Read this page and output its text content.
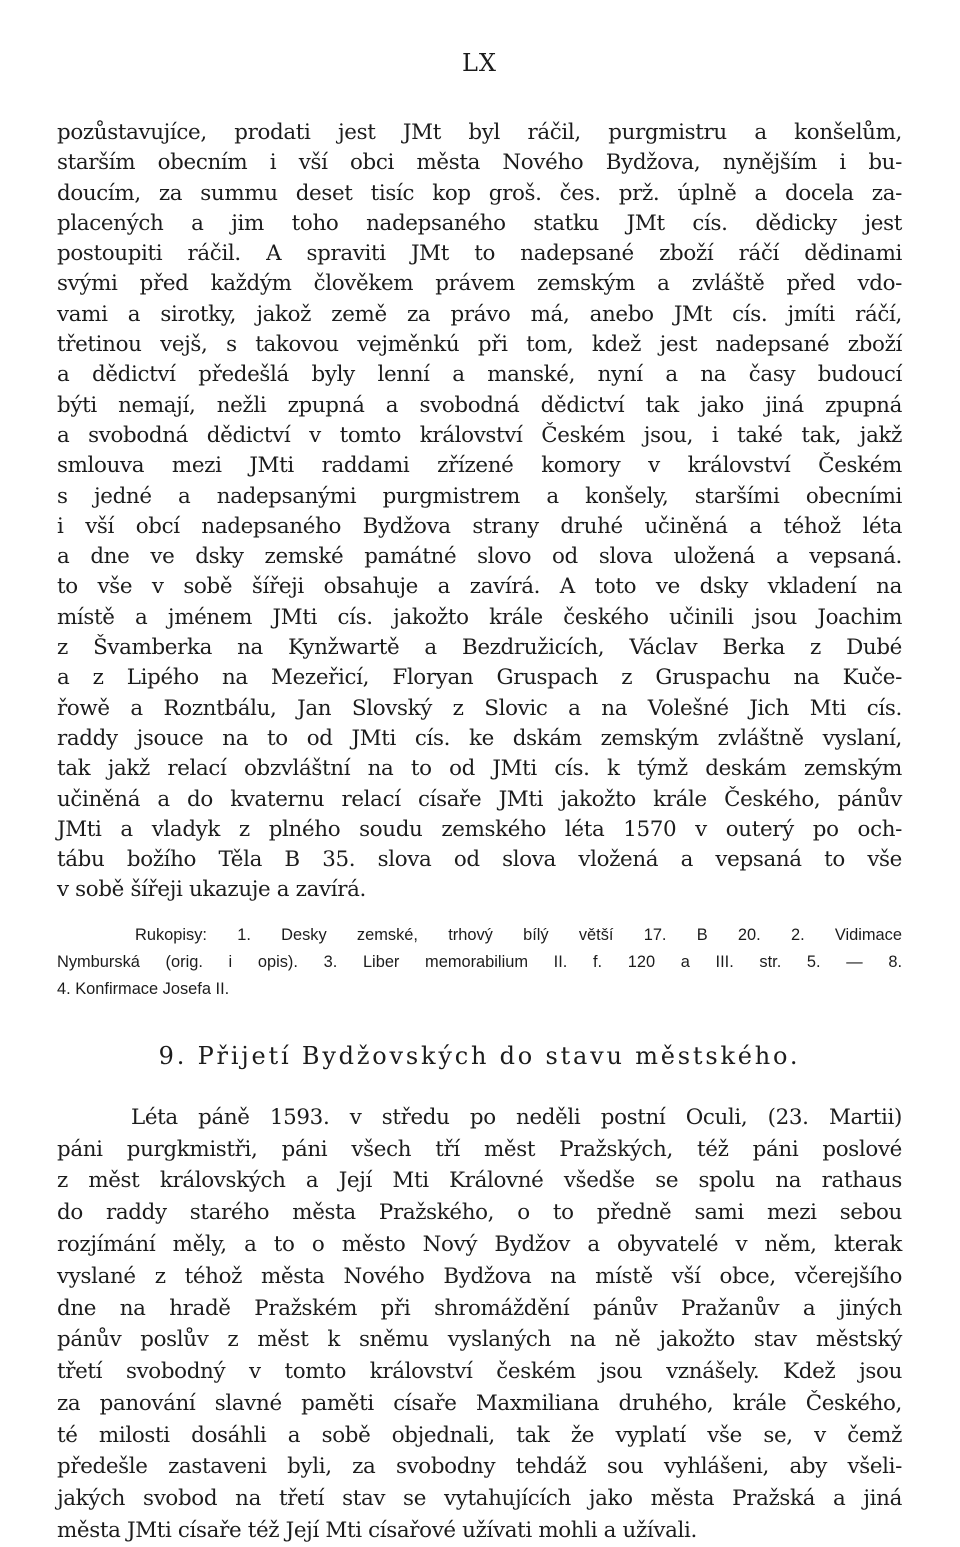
LX
pozůstavujíce, prodati jest JMt byl ráčil, purgmistru a konšelům,
starším obecním i vší obci města Nového Bydžova, nynějším i bu-
doucím, za summu deset tisíc kop groš. čes. prž. úplně a docela za-
placených a jim toho nadepsaného statku JMt cís. dědicky jest
postoupiti ráčil. A spraviti JMt to nadepsané zboží ráčí dědinami
svými před každým člověkem právem zemským a zvláště před vdo-
vami a sirotky, jakož země za právo má, anebo JMt cís. jmíti ráčí,
třetinou vejš, s takovou vejměnkú při tom, kdež jest nadepsané zboží
a dědictví předešlá byly lenní a manské, nyní a na časy budoucí
býti nemají, nežli zpupná a svobodná dědictví tak jako jiná zpupná
a svobodná dědictví v tomto království Českém jsou, i také tak, jakž
smlouva mezi JMti raddami zřízené komory v království Českém
s jedné a nadepsanými purgmistrem a konšely, staršími obecními
i vší obcí nadepsaného Bydžova strany druhé učiněná a téhož léta
a dne ve dsky zemské památné slovo od slova uložená a vepsaná.
to vše v sobě šířeji obsahuje a zavírá. A toto ve dsky vkladení na
místě a jménem JMti cís. jakožto krále českého učinili jsou Joachim
z Švamberka na Kynžwartě a Bezdružicích, Václav Berka z Dubé
a z Lipého na Mezeřicí, Floryan Gruspach z Gruspachu na Kuče-
řowě a Rozntbálu, Jan Slovský z Slovic a na Volešné Jich Mti cís.
raddy jsouce na to od JMti cís. ke dskám zemským zvláštně vyslaní,
tak jakž relací obzvláštní na to od JMti cís. k týmž deskám zemským
učiněná a do kvaternu relací císaře JMti jakožto krále Českého, pánův
JMti a vladyk z plného soudu zemského léta 1570 v outerý po och-
tábu božího Těla B 35. slova od slova vložená a vepsaná to vše
v sobě šířeji ukazuje a zavírá.
Rukopisy: 1. Desky zemské, trhový bílý větší 17. B 20. 2. Vidimace
Nymburská (orig. i opis). 3. Liber memorabilium II. f. 120 a III. str. 5. — 8.
4. Konfirmace Josefa II.
9. Přijetí Bydžovských do stavu městského.
Léta páně 1593. v středu po neděli postní Oculi, (23. Martii)
páni purgkmistři, páni všech tří měst Pražských, též páni poslové
z měst královských a Její Mti Královné všedše se spolu na rathaus
do raddy starého města Pražského, o to předně sami mezi sebou
rozjímání měly, a to o město Nový Bydžov a obyvatelé v něm, kterak
vyslané z téhož města Nového Bydžova na místě vší obce, včerejšího
dne na hradě Pražském při shromáždění pánův Pražanův a jiných
pánův poslův z měst k sněmu vyslaných na ně jakožto stav městský
třetí svobodný v tomto království českém jsou vznášely. Kdež jsou
za panování slavné paměti císaře Maxmiliana druhého, krále Českého,
té milosti dosáhli a sobě objednali, tak že vyplatí vše se, v čemž
předešle zastaveni byli, za svobodny tehdáž sou vyhlášeni, aby všeli-
jakých svobod na třetí stav se vytahujících jako města Pražská a jiná
města JMti císaře též Její Mti císařové užívati mohli a užívali.
